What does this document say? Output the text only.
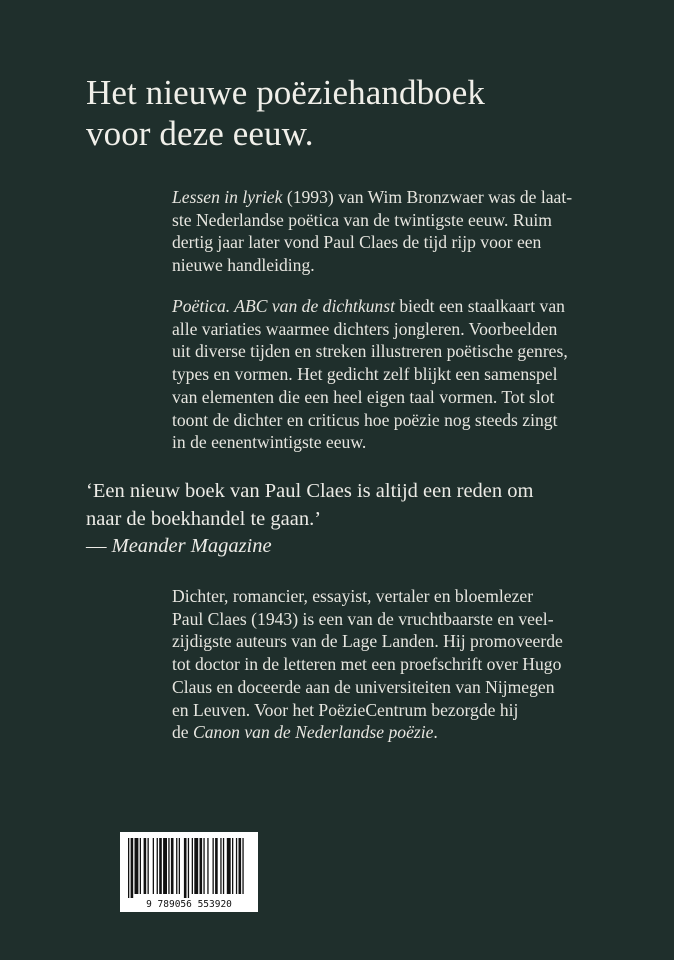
Het nieuwe poëziehandboek
voor deze eeuw.

Lessen in lyriek (1993) van Wim Bronzwaer was de laat-
ste Nederlandse poëtica van de twintigste eeuw. Ruim
dertig jaar later vond Paul Claes de tijd rijp voor een
nieuwe handleiding.

Poëtica. ABC van de dichtkunst biedt een staalkaart van
alle variaties waarmee dichters jongleren. Voorbeelden
uit diverse tijden en streken illustreren poëtische genres,
types en vormen. Het gedicht zelf blijkt een samenspel
van elementen die een heel eigen taal vormen. Tot slot
toont de dichter en criticus hoe poëzie nog steeds zingt
in de eenentwintigste eeuw.

‘Een nieuw boek van Paul Claes is altijd een reden om
naar de boekhandel te gaan.’
— Meander Magazine

Dichter, romancier, essayist, vertaler en bloemlezer
Paul Claes (1943) is een van de vruchtbaarste en veel-
zijdigste auteurs van de Lage Landen. Hij promoveerde
tot doctor in de letteren met een proefschrift over Hugo
Claus en doceerde aan de universiteiten van Nijmegen
en Leuven. Voor het PoëzieCentrum bezorgde hij
de Canon van de Nederlandse poëzie.

9 789056 553920
